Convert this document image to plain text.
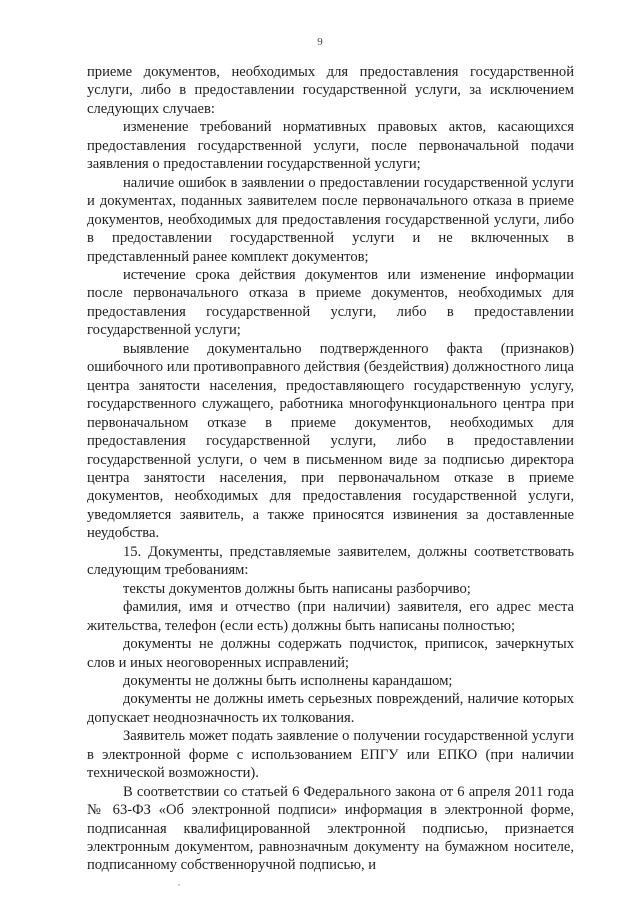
9

приеме документов, необходимых для предоставления государственной услуги, либо в предоставлении государственной услуги, за исключением следующих случаев:

изменение требований нормативных правовых актов, касающихся предоставления государственной услуги, после первоначальной подачи заявления о предоставлении государственной услуги;

наличие ошибок в заявлении о предоставлении государственной услуги и документах, поданных заявителем после первоначального отказа в приеме документов, необходимых для предоставления государственной услуги, либо в предоставлении государственной услуги и не включенных в представленный ранее комплект документов;

истечение срока действия документов или изменение информации после первоначального отказа в приеме документов, необходимых для предоставления государственной услуги, либо в предоставлении государственной услуги;

выявление документально подтвержденного факта (признаков) ошибочного или противоправного действия (бездействия) должностного лица центра занятости населения, предоставляющего государственную услугу, государственного служащего, работника многофункционального центра при первоначальном отказе в приеме документов, необходимых для предоставления государственной услуги, либо в предоставлении государственной услуги, о чем в письменном виде за подписью директора центра занятости населения, при первоначальном отказе в приеме документов, необходимых для предоставления государственной услуги, уведомляется заявитель, а также приносятся извинения за доставленные неудобства.

15. Документы, представляемые заявителем, должны соответствовать следующим требованиям:

тексты документов должны быть написаны разборчиво;

фамилия, имя и отчество (при наличии) заявителя, его адрес места жительства, телефон (если есть) должны быть написаны полностью;

документы не должны содержать подчисток, приписок, зачеркнутых слов и иных неоговоренных исправлений;

документы не должны быть исполнены карандашом;

документы не должны иметь серьезных повреждений, наличие которых допускает неоднозначность их толкования.

Заявитель может подать заявление о получении государственной услуги в электронной форме с использованием ЕПГУ или ЕПКО (при наличии технической возможности).

В соответствии со статьей 6 Федерального закона от 6 апреля 2011 года № 63-ФЗ «Об электронной подписи» информация в электронной форме, подписанная квалифицированной электронной подписью, признается электронным документом, равнозначным документу на бумажном носителе, подписанному собственноручной подписью, и
